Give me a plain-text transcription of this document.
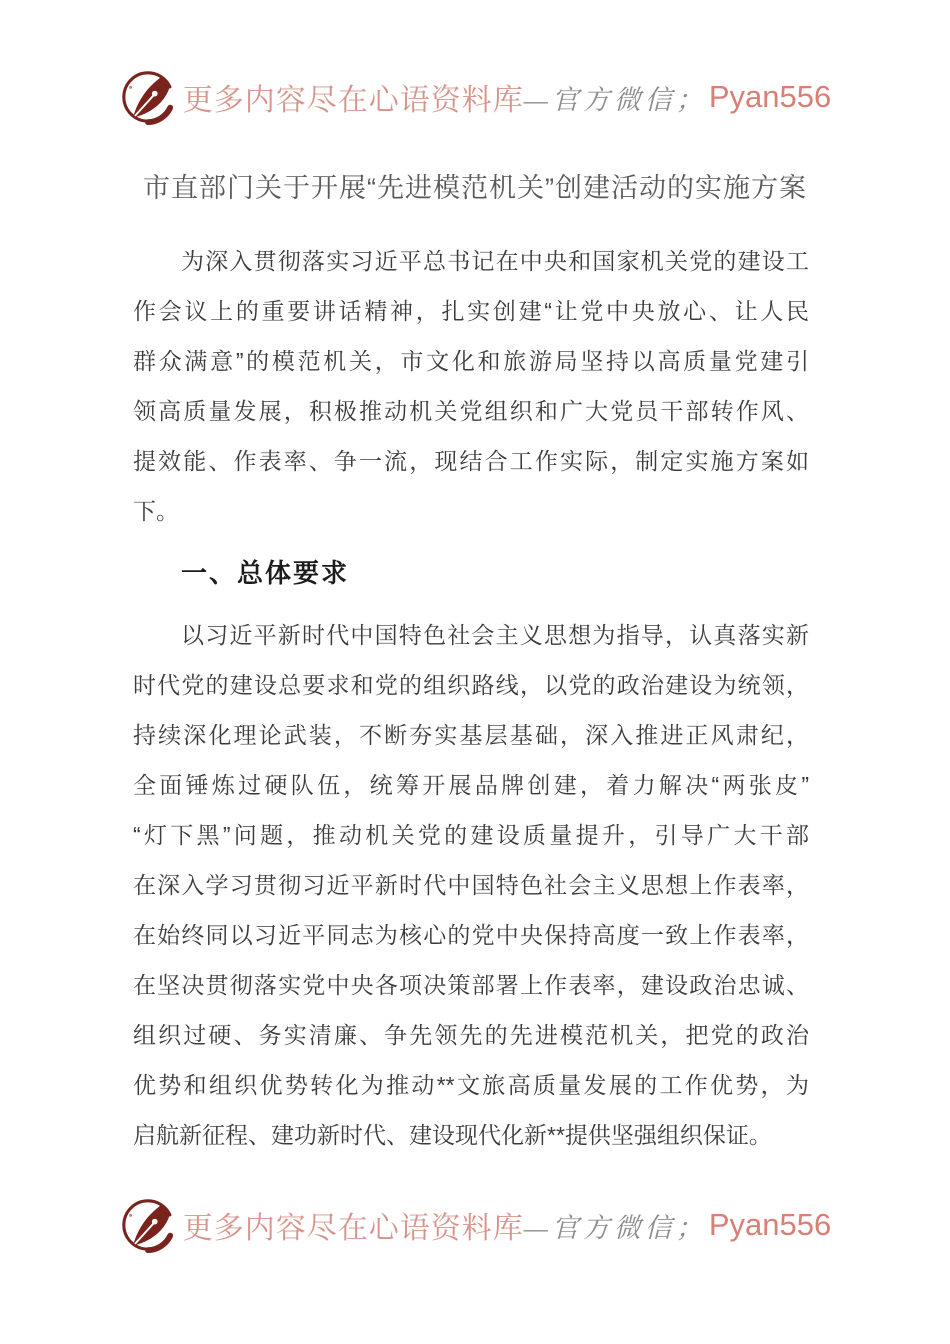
更多内容尽在心语资料库 —官方微信； Pyan556
市直部门关于开展“先进模范机关”创建活动的实施方案
为深入贯彻落实习近平总书记在中央和国家机关党的建设工
作会议上的重要讲话精神，扎实创建“让党中央放心、让人民
群众满意”的模范机关，市文化和旅游局坚持以高质量党建引
领高质量发展，积极推动机关党组织和广大党员干部转作风、
提效能、作表率、争一流，现结合工作实际，制定实施方案如
下。
一、总体要求
以习近平新时代中国特色社会主义思想为指导，认真落实新
时代党的建设总要求和党的组织路线，以党的政治建设为统领，
持续深化理论武装，不断夯实基层基础，深入推进正风肃纪，
全面锤炼过硬队伍，统筹开展品牌创建，着力解决“两张皮”
“灯下黑”问题，推动机关党的建设质量提升，引导广大干部
在深入学习贯彻习近平新时代中国特色社会主义思想上作表率，
在始终同以习近平同志为核心的党中央保持高度一致上作表率，
在坚决贯彻落实党中央各项决策部署上作表率，建设政治忠诚、
组织过硬、务实清廉、争先领先的先进模范机关，把党的政治
优势和组织优势转化为推动**文旅高质量发展的工作优势，为
启航新征程、建功新时代、建设现代化新**提供坚强组织保证。
更多内容尽在心语资料库 —官方微信； Pyan556
